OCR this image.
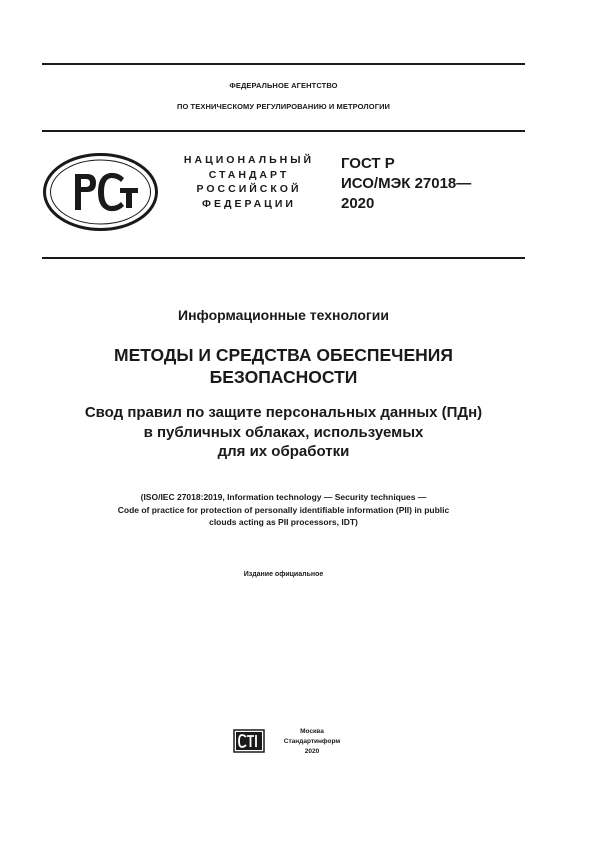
ФЕДЕРАЛЬНОЕ АГЕНТСТВО
ПО ТЕХНИЧЕСКОМУ РЕГУЛИРОВАНИЮ И МЕТРОЛОГИИ
НАЦИОНАЛЬНЫЙ
СТАНДАРТ
РОССИЙСКОЙ
ФЕДЕРАЦИИ
ГОСТ Р
ИСО/МЭК 27018—
2020
Информационные технологии
МЕТОДЫ И СРЕДСТВА ОБЕСПЕЧЕНИЯ
БЕЗОПАСНОСТИ
Свод правил по защите персональных данных (ПДн)
в публичных облаках, используемых
для их обработки
(ISO/IEC 27018:2019, Information technology — Security techniques —
Code of practice for protection of personally identifiable information (PII) in public
clouds acting as PII processors, IDT)
Издание официальное
Москва
Стандартинформ
2020
